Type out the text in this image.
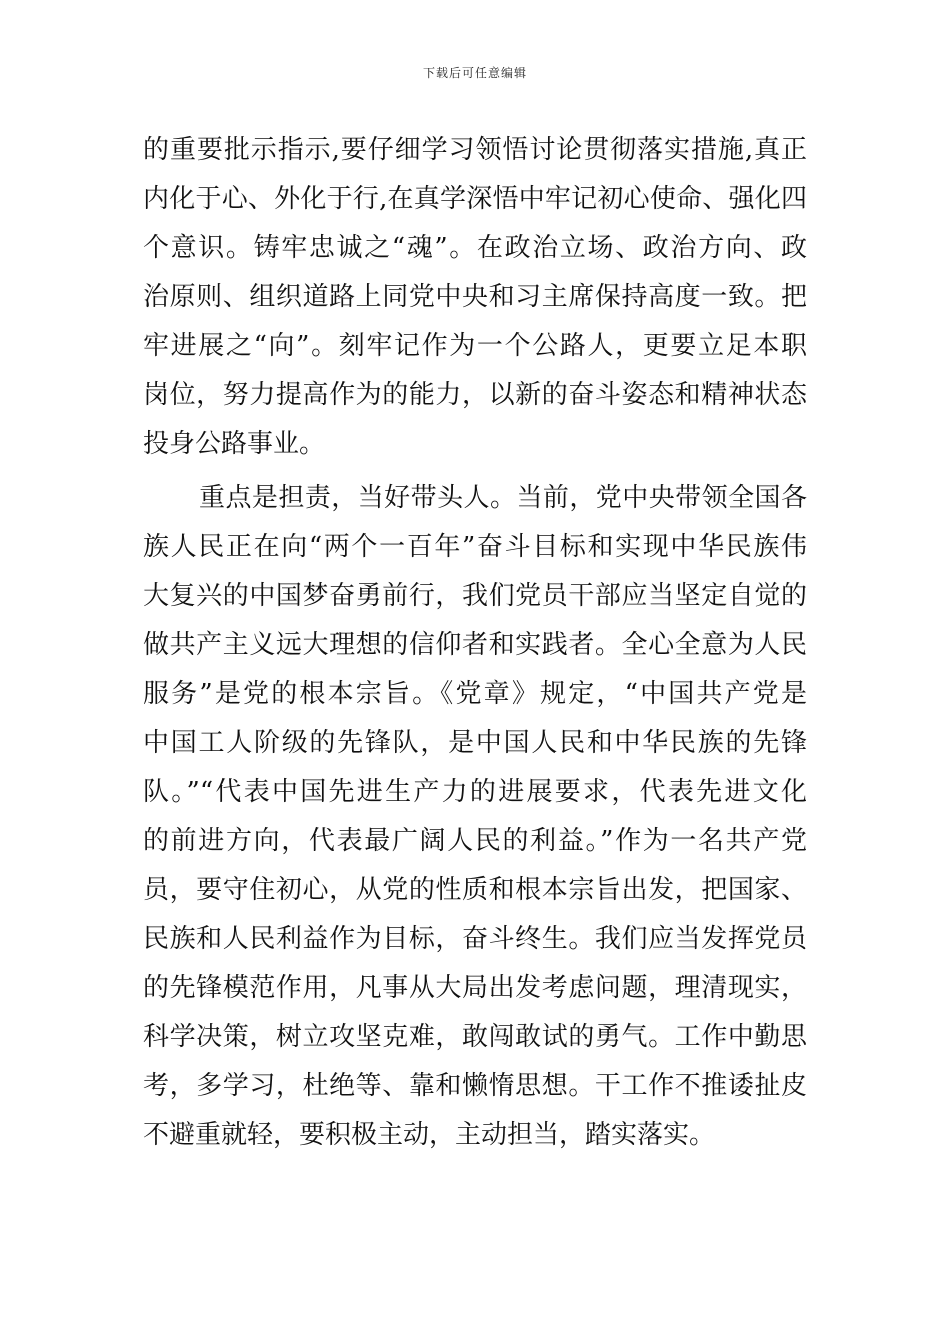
下载后可任意编辑
的重要批示指示,要仔细学习领悟讨论贯彻落实措施,真正
内化于心、外化于行,在真学深悟中牢记初心使命、强化四
个意识。铸牢忠诚之“魂”。在政治立场、政治方向、政
治原则、组织道路上同党中央和习主席保持高度一致。把
牢进展之“向”。刻牢记作为一个公路人，更要立足本职
岗位，努力提高作为的能力，以新的奋斗姿态和精神状态
投身公路事业。
重点是担责，当好带头人。当前，党中央带领全国各
族人民正在向“两个一百年”奋斗目标和实现中华民族伟
大复兴的中国梦奋勇前行，我们党员干部应当坚定自觉的
做共产主义远大理想的信仰者和实践者。全心全意为人民
服务”是党的根本宗旨。《党章》规定，“中国共产党是
中国工人阶级的先锋队，是中国人民和中华民族的先锋
队。”“代表中国先进生产力的进展要求，代表先进文化
的前进方向，代表最广阔人民的利益。”作为一名共产党
员，要守住初心，从党的性质和根本宗旨出发，把国家、
民族和人民利益作为目标，奋斗终生。我们应当发挥党员
的先锋模范作用，凡事从大局出发考虑问题，理清现实，
科学决策，树立攻坚克难，敢闯敢试的勇气。工作中勤思
考，多学习，杜绝等、靠和懒惰思想。干工作不推诿扯皮
不避重就轻，要积极主动，主动担当，踏实落实。
